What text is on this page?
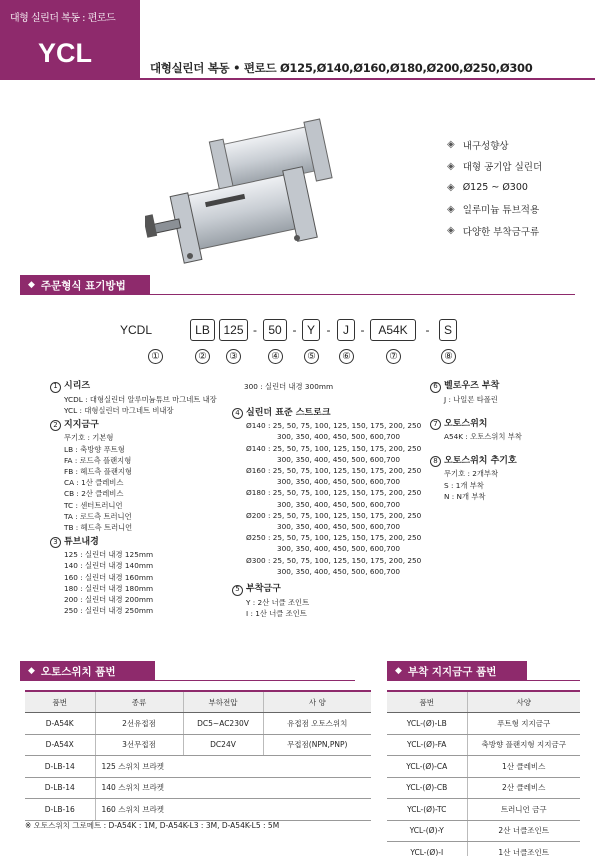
대형 실린더 복동 : 편로드
YCL	대형실린더 복동 • 편로드 Ø125,Ø140,Ø160,Ø180,Ø200,Ø250,Ø300
◈ 내구성향상
◈ 대형 공기압 실린더
◈ Ø125 ~ Ø300
◈ 일루미늄 튜브적용
◈ 다양한 부착금구류
◆ 주문형식 표기방법
YCDL	LB	125 - 50 - Y -	J -	A54K	-	S
①	②	③	④	⑤	⑥	⑦	⑧
1 시리즈
YCDL : 대형실린더 알루미늄튜브 마그네트 내장
YCL : 대형실린더 마그네트 비내장
2 지지금구
무기호 : 기본형
LB : 축방향 푸트형
FA : 로드측 플랜지형
FB : 헤드측 플랜지형
CA : 1산 클레비스
CB : 2산 클레비스
TC : 센터트러니언
TA : 로드측 트러니언
TB : 헤드측 트러니언
3 튜브내경
125 : 실린더 내경 125mm
140 : 실린더 내경 140mm
160 : 실린더 내경 160mm
180 : 실린더 내경 180mm
200 : 실린더 내경 200mm
250 : 실린더 내경 250mm
300 : 실린더 내경 300mm
4 실린더 표준 스트로크
Ø140 : 25, 50, 75, 100, 125, 150, 175, 200, 250
300, 350, 400, 450, 500, 600,700
Ø140 : 25, 50, 75, 100, 125, 150, 175, 200, 250
300, 350, 400, 450, 500, 600,700
Ø160 : 25, 50, 75, 100, 125, 150, 175, 200, 250
300, 350, 400, 450, 500, 600,700
Ø180 : 25, 50, 75, 100, 125, 150, 175, 200, 250
300, 350, 400, 450, 500, 600,700
Ø200 : 25, 50, 75, 100, 125, 150, 175, 200, 250
300, 350, 400, 450, 500, 600,700
Ø250 : 25, 50, 75, 100, 125, 150, 175, 200, 250
300, 350, 400, 450, 500, 600,700
Ø300 : 25, 50, 75, 100, 125, 150, 175, 200, 250
300, 350, 400, 450, 500, 600,700
5 부착금구
Y : 2산 너클 조인트
I : 1산 너클 조인트
6 벨로우즈 부착
J : 나일론 타폴린
7 오토스위치
A54K : 오토스위치 부착
8 오토스위치 추기호
무기호 : 2개부착
S : 1개 부착
N : N개 부착
◆ 오토스위치 품번
품번	종류	부하전압	사 양
D-A54K	2선유접점	DC5~AC230V	유접점 오토스위치
D-A54X	3선무접점	DC24V	무접점(NPN,PNP)
D-LB-14	125 스위치 브라켓		
D-LB-14	140 스위치 브라켓		
D-LB-16	160 스위치 브라켓		
※ 오토스위치 그로메트 : D-A54K : 1M, D-A54K-L3 : 3M, D-A54K-L5 : 5M
◆ 부착 지지금구 품번
품번	사양
YCL-(Ø)-LB	푸트형 지지금구
YCL-(Ø)-FA	축방향 플랜지형 지지금구
YCL-(Ø)-CA	1산 클레비스
YCL-(Ø)-CB	2산 클레비스
YCL-(Ø)-TC	트러니언 금구
YCL-(Ø)-Y	2산 너클조인트
YCL-(Ø)-I	1산 너클조인트
